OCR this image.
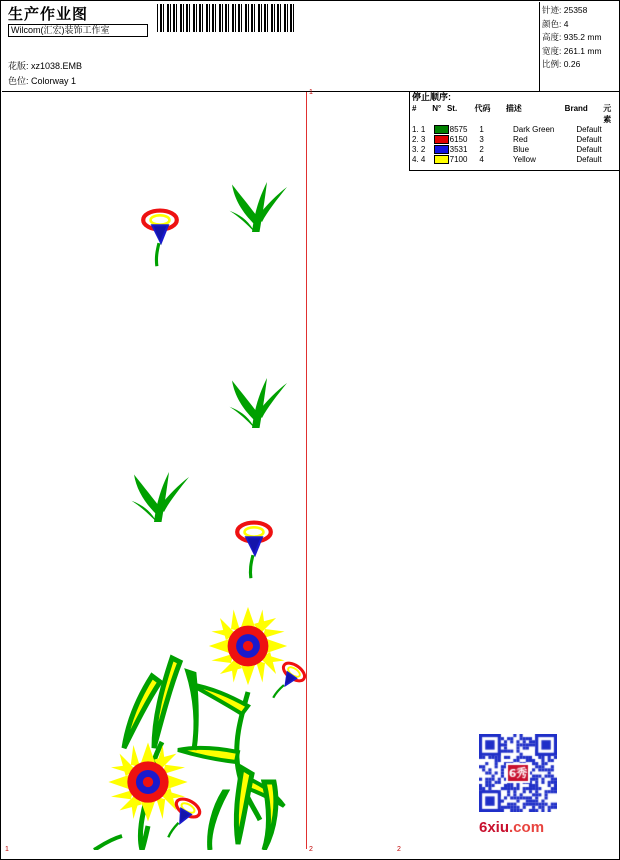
生产作业图
Wilcom(汇宏)装饰工作室
花版: xz1038.EMB
色位: Colorway 1
针迹: 25358
颜色: 4
高度: 935.2 mm
宽度: 261.1 mm
比例: 0.26
停止顺序:
#	N° St.	代码	描述	Brand	元素
1. 1	8575	1	Dark Green	Default
2. 3	6150	3	Red	Default
3. 2	3531	2	Blue	Default
4. 4	7100	4	Yellow	Default
1
1	2	2
6xiu.com
